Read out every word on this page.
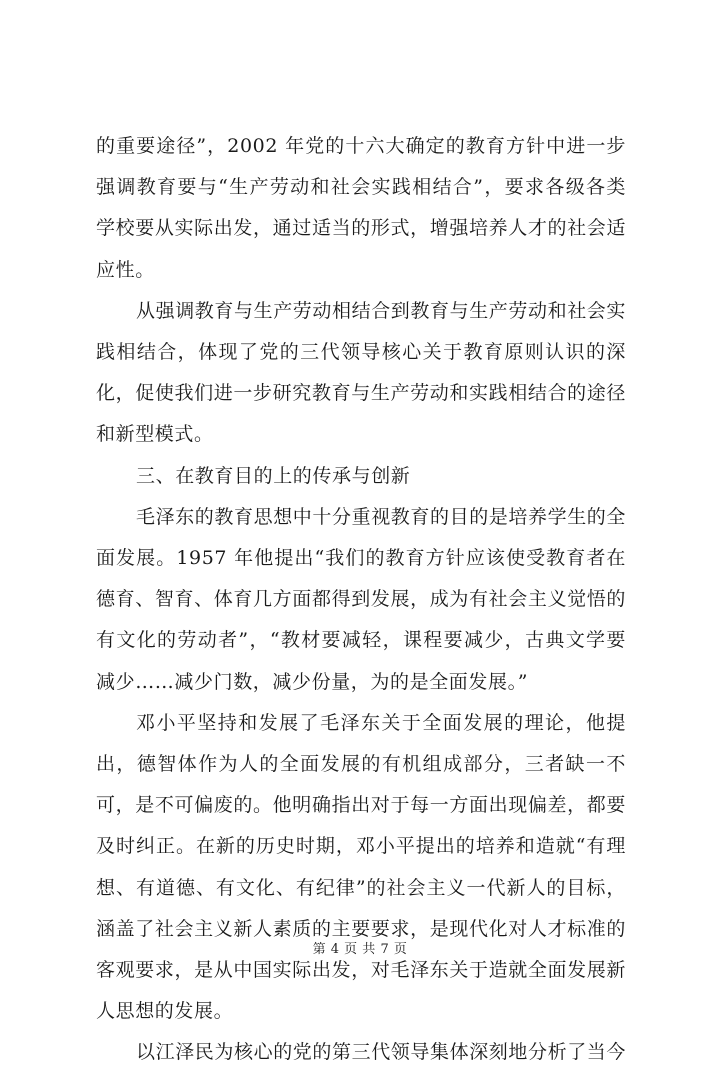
的重要途径”，2002 年党的十六大确定的教育方针中进一步强调教育要与“生产劳动和社会实践相结合”，要求各级各类学校要从实际出发，通过适当的形式，增强培养人才的社会适应性。

从强调教育与生产劳动相结合到教育与生产劳动和社会实践相结合，体现了党的三代领导核心关于教育原则认识的深化，促使我们进一步研究教育与生产劳动和实践相结合的途径和新型模式。

三、在教育目的上的传承与创新

毛泽东的教育思想中十分重视教育的目的是培养学生的全面发展。1957 年他提出“我们的教育方针应该使受教育者在德育、智育、体育几方面都得到发展，成为有社会主义觉悟的有文化的劳动者”，“教材要减轻，课程要减少，古典文学要减少……减少门数，减少份量，为的是全面发展。”

邓小平坚持和发展了毛泽东关于全面发展的理论，他提出，德智体作为人的全面发展的有机组成部分，三者缺一不可，是不可偏废的。他明确指出对于每一方面出现偏差，都要及时纠正。在新的历史时期，邓小平提出的培养和造就“有理想、有道德、有文化、有纪律”的社会主义一代新人的目标，涵盖了社会主义新人素质的主要要求，是现代化对人才标准的客观要求，是从中国实际出发，对毛泽东关于造就全面发展新人思想的发展。

以江泽民为核心的党的第三代领导集体深刻地分析了当今

第 4 页 共 7 页
